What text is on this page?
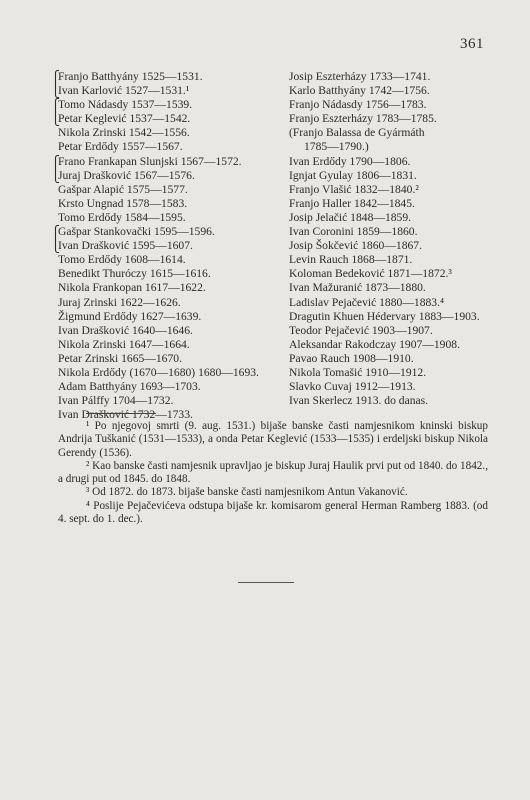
361
⎧
Franjo Batthyány 1525—1531.
⎩
Ivan Karlović 1527—1531.¹
⎧
Tomo Nádasdy 1537—1539.
⎩
Petar Keglević 1537—1542.
Nikola Zrinski 1542—1556.
Petar Erdődy 1557—1567.
⎧
Frano Frankapan Slunjski 1567—1572.
⎩
Juraj Drašković 1567—1576.
Gašpar Alapić 1575—1577.
Krsto Ungnad 1578—1583.
Tomo Erdődy 1584—1595.
⎧
Gašpar Stankovački 1595—1596.
⎩
Ivan Drašković 1595—1607.
Tomo Erdődy 1608—1614.
Benedikt Thuróczy 1615—1616.
Nikola Frankopan 1617—1622.
Juraj Zrinski 1622—1626.
Žigmund Erdődy 1627—1639.
Ivan Drašković 1640—1646.
Nikola Zrinski 1647—1664.
Petar Zrinski 1665—1670.
Nikola Erdődy (1670—1680) 1680—1693.
Adam Batthyány 1693—1703.
Ivan Pálffy 1704—1732.
Ivan Drašković 1732—1733.
Josip Eszterházy 1733—1741.
Karlo Batthyány 1742—1756.
Franjo Nádasdy 1756—1783.
Franjo Eszterházy 1783—1785.
(Franjo Balassa de Gyármáth
1785—1790.)
Ivan Erdődy 1790—1806.
Ignjat Gyulay 1806—1831.
Franjo Vlašić 1832—1840.²
Franjo Haller 1842—1845.
Josip Jelačić 1848—1859.
Ivan Coronini 1859—1860.
Josip Šokčević 1860—1867.
Levin Rauch 1868—1871.
Koloman Bedeković 1871—1872.³
Ivan Mažuranić 1873—1880.
Ladislav Pejačević 1880—1883.⁴
Dragutin Khuen Hédervary 1883—1903.
Teodor Pejačević 1903—1907.
Aleksandar Rakodczay 1907—1908.
Pavao Rauch 1908—1910.
Nikola Tomašić 1910—1912.
Slavko Cuvaj 1912—1913.
Ivan Skerlecz 1913. do danas.

¹ Po njegovoj smrti (9. aug. 1531.) bijaše banske časti namjesnikom kninski biskup Andrija Tuškanić (1531—1533), a onda Petar Keglević (1533—1535) i erdeljski biskup Nikola Gerendy (1536).

² Kao banske časti namjesnik upravljao je biskup Juraj Haulik prvi put od 1840. do 1842., a drugi put od 1845. do 1848.

³ Od 1872. do 1873. bijaše banske časti namjesnikom Antun Vakanović.

⁴ Poslije Pejačevićeva odstupa bijaše kr. komisarom general Herman Ramberg 1883. (od 4. sept. do 1. dec.).
